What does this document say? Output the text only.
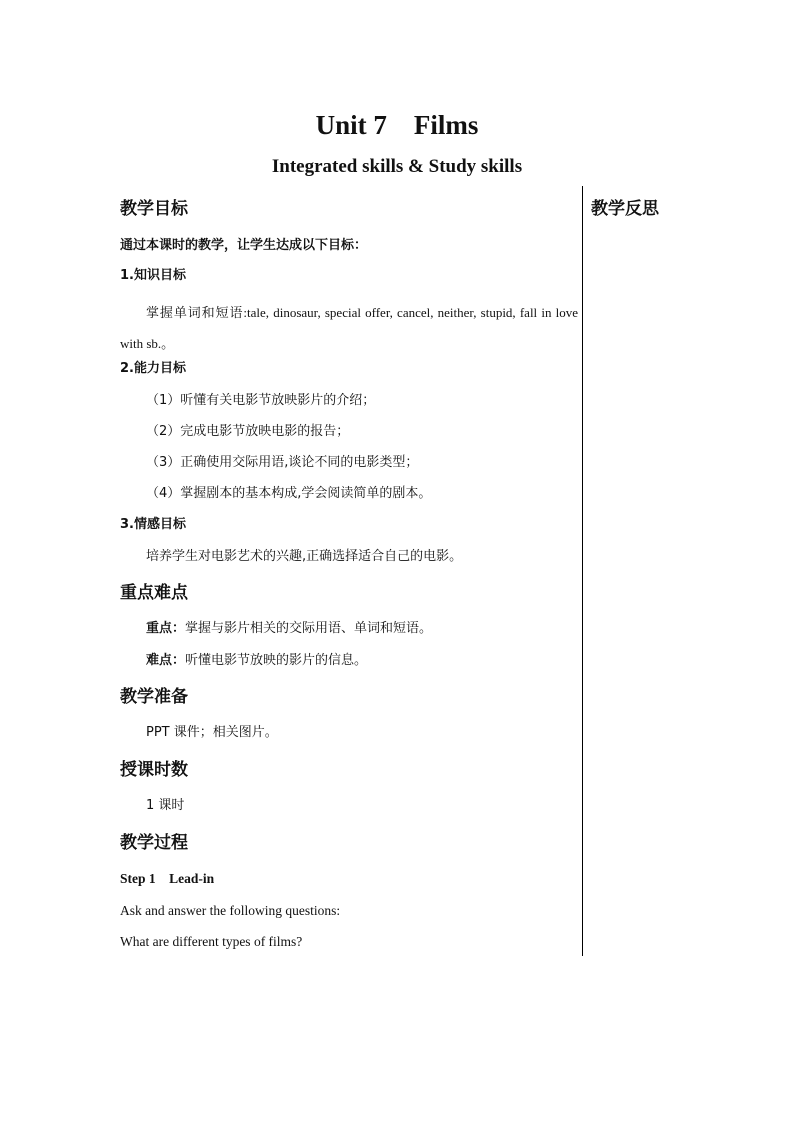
Unit 7    Films
Integrated skills & Study skills
教学反思
教学目标
通过本课时的教学，让学生达成以下目标：
1.知识目标
掌握单词和短语:tale, dinosaur, special offer, cancel, neither, stupid, fall in love with sb.。
2.能力目标
（1）听懂有关电影节放映影片的介绍；
（2）完成电影节放映电影的报告；
（3）正确使用交际用语,谈论不同的电影类型；
（4）掌握剧本的基本构成,学会阅读简单的剧本。
3.情感目标
培养学生对电影艺术的兴趣,正确选择适合自己的电影。
重点难点
重点：掌握与影片相关的交际用语、单词和短语。
难点：听懂电影节放映的影片的信息。
教学准备
PPT 课件；相关图片。
授课时数
1 课时
教学过程
Step 1    Lead-in
Ask and answer the following questions:
What are different types of films?
